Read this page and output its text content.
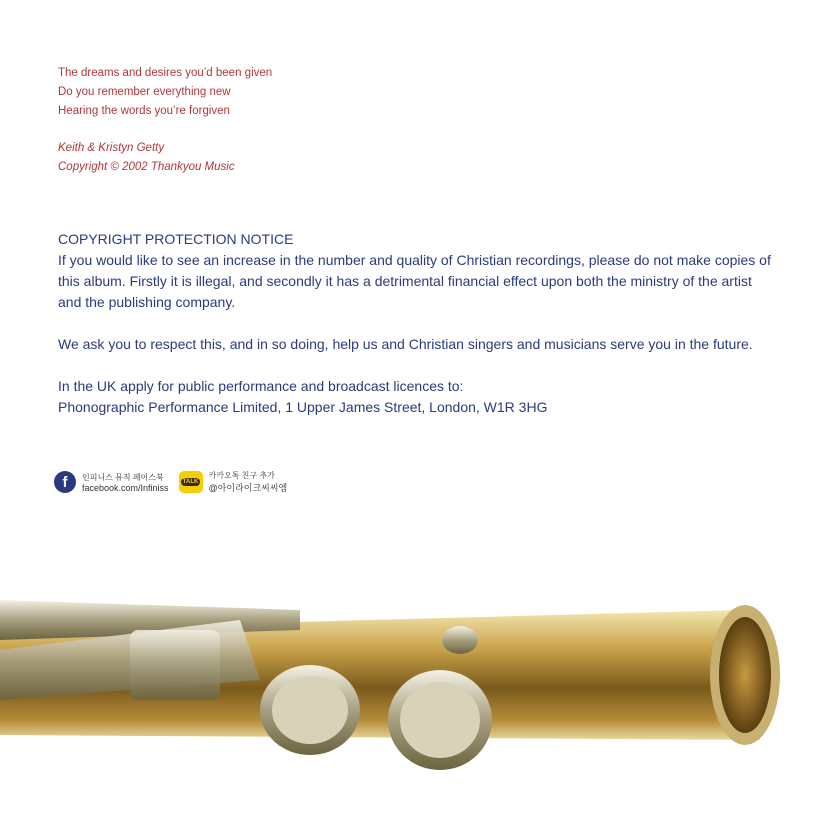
The dreams and desires you’d been given
Do you remember everything new
Hearing the words you’re forgiven
Keith & Kristyn Getty
Copyright © 2002 Thankyou Music
COPYRIGHT PROTECTION NOTICE

If you would like to see an increase in the number and quality of Christian recordings, please do not make copies of this album. Firstly it is illegal, and secondly it has a detrimental financial effect upon both the ministry of the artist and the publishing company.

We ask you to respect this, and in so doing, help us and Christian singers and musicians serve you in the future.

In the UK apply for public performance and broadcast licences to:
Phonographic Performance Limited, 1 Upper James Street, London, W1R 3HG
f	인피니스 뮤직 페이스북
facebook.com/Infiniss
TALK
카카오톡 친구 추가
@아이라이크씨씨엠
